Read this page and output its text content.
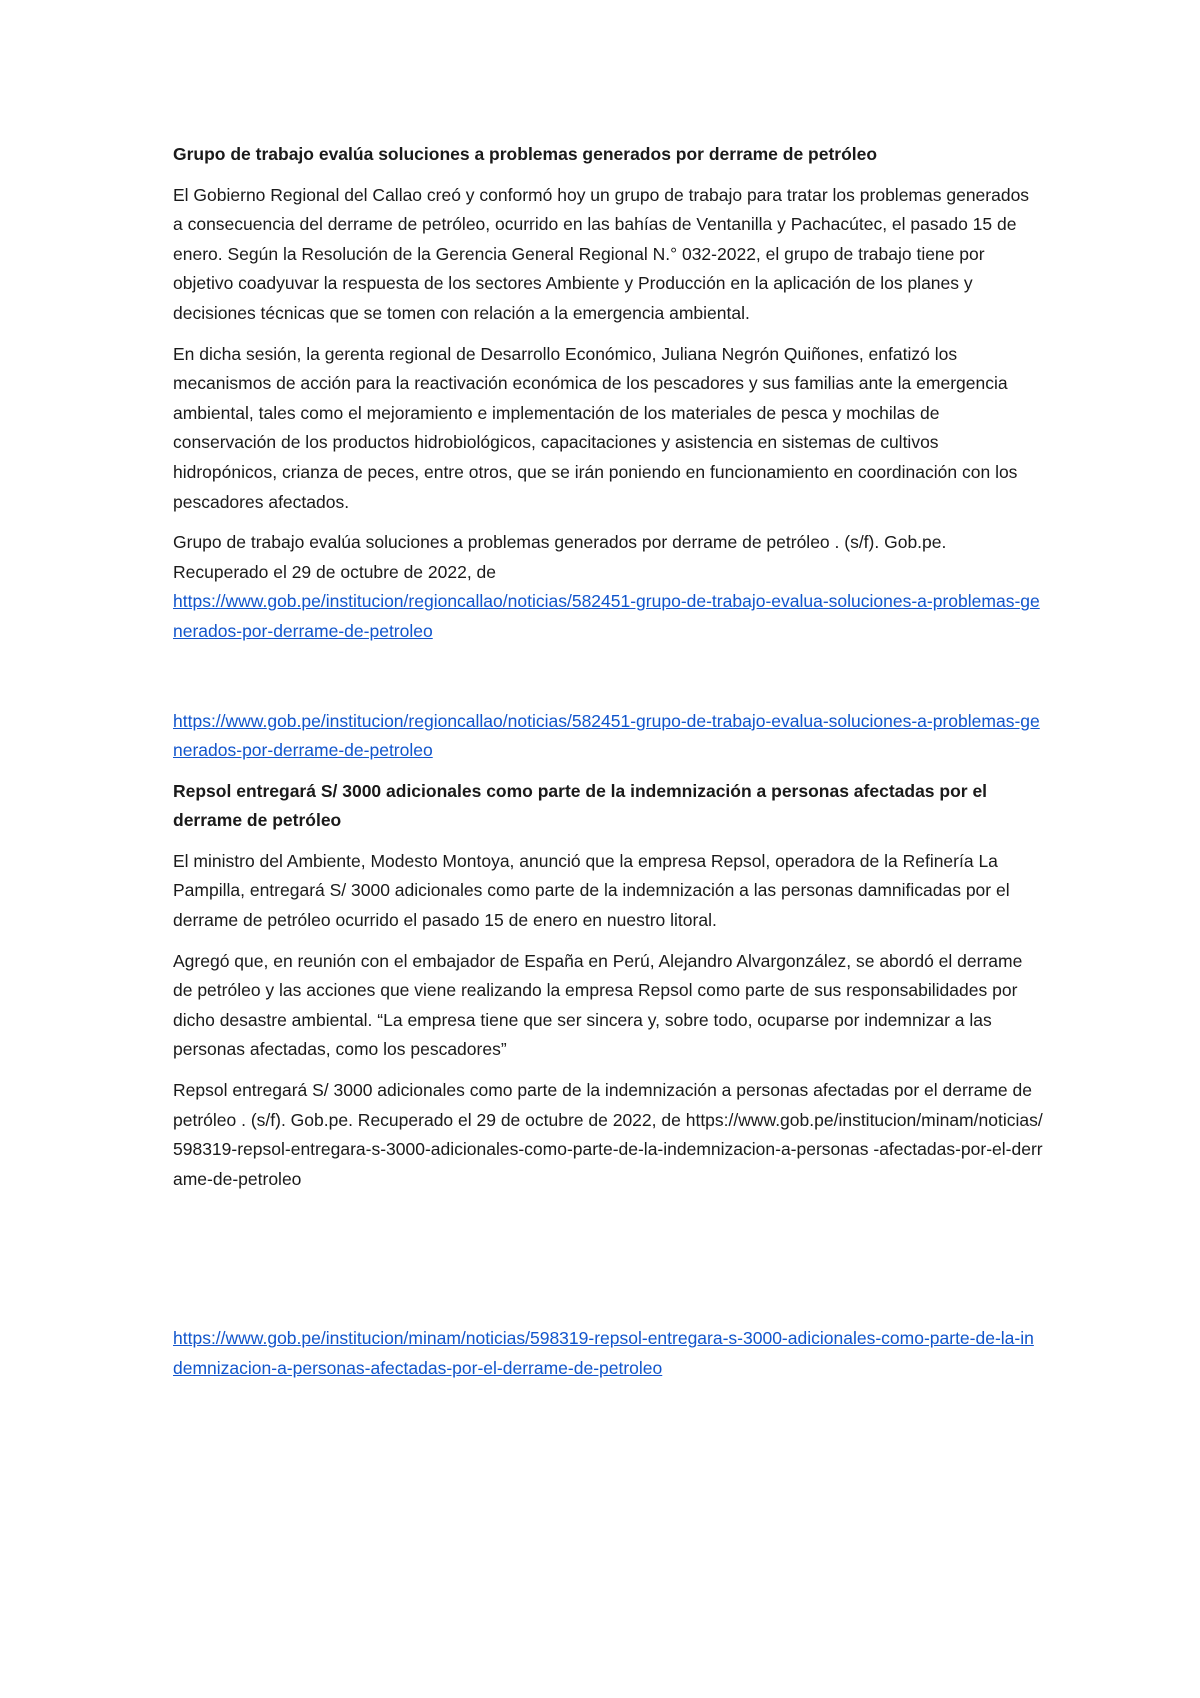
Grupo de trabajo evalúa soluciones a problemas generados por derrame de petróleo

El Gobierno Regional del Callao creó y conformó hoy un grupo de trabajo para tratar los problemas generados a consecuencia del derrame de petróleo, ocurrido en las bahías de Ventanilla y Pachacútec, el pasado 15 de enero. Según la Resolución de la Gerencia General Regional N.° 032-2022, el grupo de trabajo tiene por objetivo coadyuvar la respuesta de los sectores Ambiente y Producción en la aplicación de los planes y decisiones técnicas que se tomen con relación a la emergencia ambiental.

En dicha sesión, la gerenta regional de Desarrollo Económico, Juliana Negrón Quiñones, enfatizó los mecanismos de acción para la reactivación económica de los pescadores y sus familias ante la emergencia ambiental, tales como el mejoramiento e implementación de los materiales de pesca y mochilas de conservación de los productos hidrobiológicos, capacitaciones y asistencia en sistemas de cultivos hidropónicos, crianza de peces, entre otros, que se irán poniendo en funcionamiento en coordinación con los pescadores afectados.

Grupo de trabajo evalúa soluciones a problemas generados por derrame de petróleo . (s/f). Gob.pe. Recuperado el 29 de octubre de 2022, de
https://www.gob.pe/institucion/regioncallao/noticias/582451-grupo-de-trabajo-evalua-soluciones-a-problemas-generados-por-derrame-de-petroleo

https://www.gob.pe/institucion/regioncallao/noticias/582451-grupo-de-trabajo-evalua-soluciones-a-problemas-generados-por-derrame-de-petroleo

Repsol entregará S/ 3000 adicionales como parte de la indemnización a personas afectadas por el derrame de petróleo

El ministro del Ambiente, Modesto Montoya, anunció que la empresa Repsol, operadora de la Refinería La Pampilla, entregará S/ 3000 adicionales como parte de la indemnización a las personas damnificadas por el derrame de petróleo ocurrido el pasado 15 de enero en nuestro litoral.

Agregó que, en reunión con el embajador de España en Perú, Alejandro Alvargonzález, se abordó el derrame de petróleo y las acciones que viene realizando la empresa Repsol como parte de sus responsabilidades por dicho desastre ambiental. “La empresa tiene que ser sincera y, sobre todo, ocuparse por indemnizar a las personas afectadas, como los pescadores”

Repsol entregará S/ 3000 adicionales como parte de la indemnización a personas afectadas por el derrame de petróleo . (s/f). Gob.pe. Recuperado el 29 de octubre de 2022, de https://www.gob.pe/institucion/minam/noticias/598319-repsol-entregara-s-3000-adicionales-como-parte-de-la-indemnizacion-a-personas -afectadas-por-el-derrame-de-petroleo

https://www.gob.pe/institucion/minam/noticias/598319-repsol-entregara-s-3000-adicionales-como-parte-de-la-indemnizacion-a-personas-afectadas-por-el-derrame-de-petroleo
